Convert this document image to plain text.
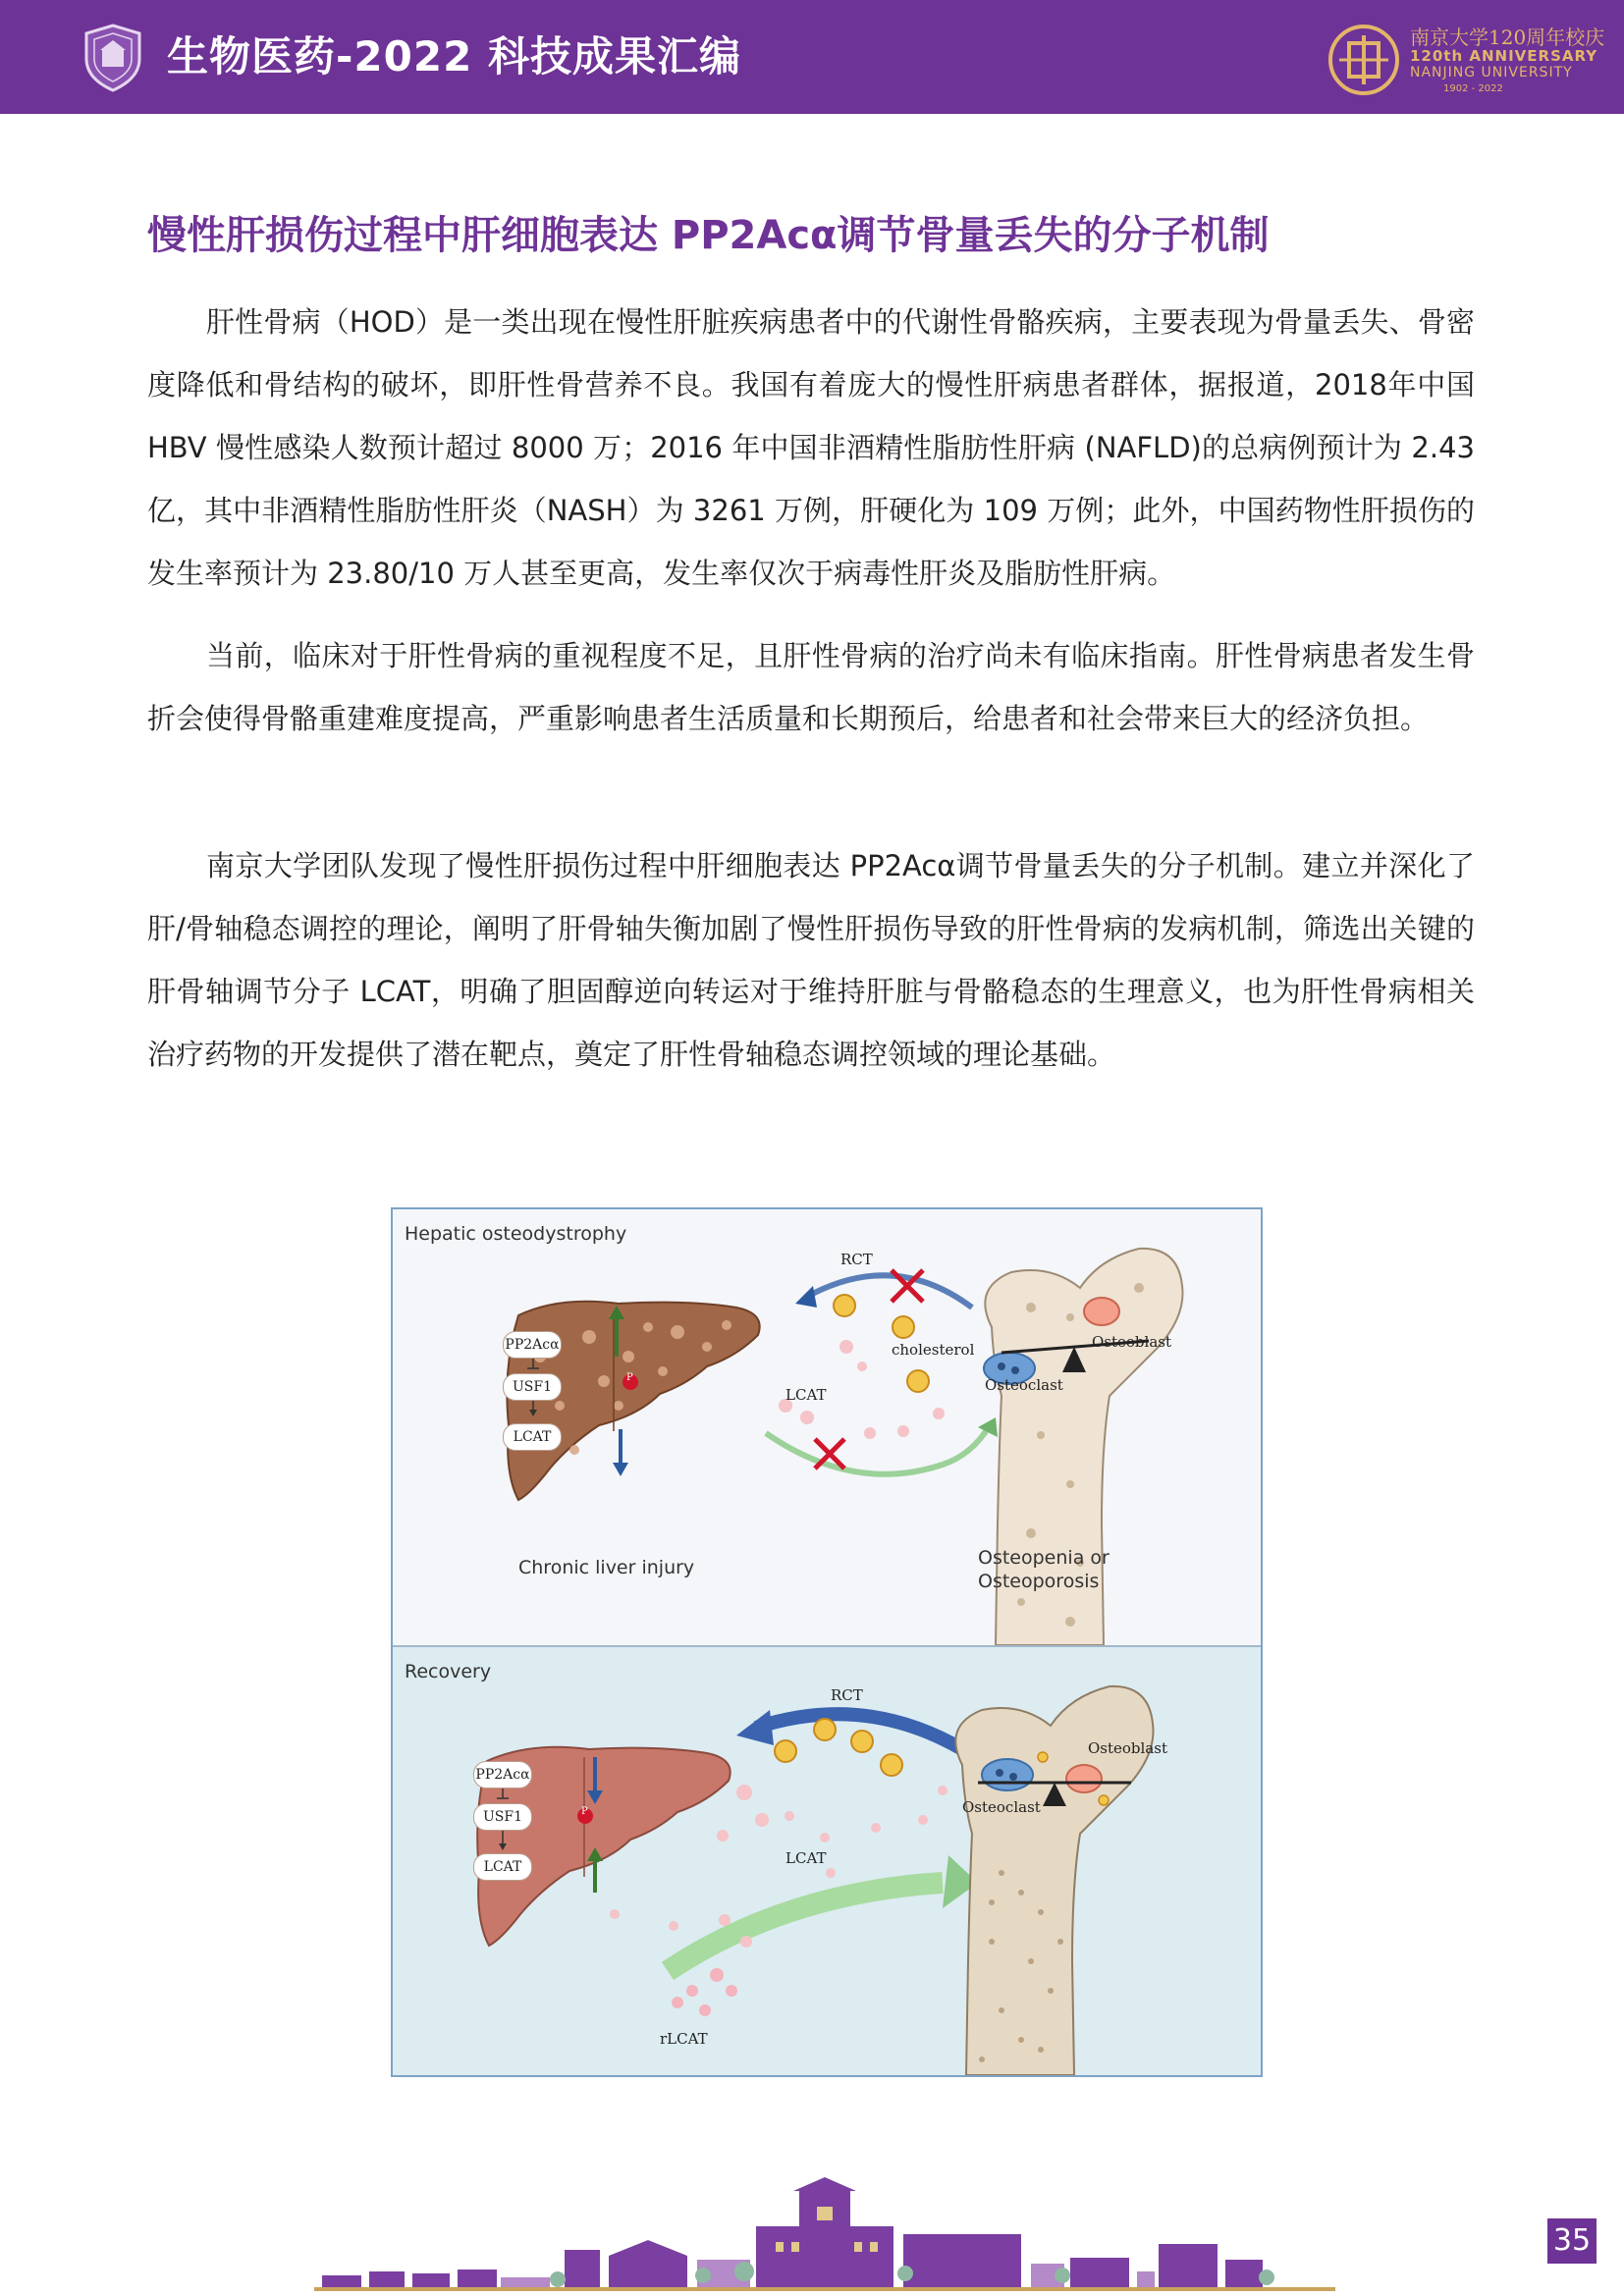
生物医药-2022 科技成果汇编	南京大学120周年校庆
120th ANNIVERSARY
NANJING UNIVERSITY
1902 - 2022
慢性肝损伤过程中肝细胞表达 PP2Acα调节骨量丢失的分子机制

肝性骨病（HOD）是一类出现在慢性肝脏疾病患者中的代谢性骨骼疾病，主要表现为骨量丢失、骨密度降低和骨结构的破坏，即肝性骨营养不良。我国有着庞大的慢性肝病患者群体，据报道，2018年中国 HBV 慢性感染人数预计超过 8000 万；2016 年中国非酒精性脂肪性肝病 (NAFLD)的总病例预计为 2.43 亿，其中非酒精性脂肪性肝炎（NASH）为 3261 万例，肝硬化为 109 万例；此外，中国药物性肝损伤的发生率预计为 23.80/10 万人甚至更高，发生率仅次于病毒性肝炎及脂肪性肝病。

当前，临床对于肝性骨病的重视程度不足，且肝性骨病的治疗尚未有临床指南。肝性骨病患者发生骨折会使得骨骼重建难度提高，严重影响患者生活质量和长期预后，给患者和社会带来巨大的经济负担。

南京大学团队发现了慢性肝损伤过程中肝细胞表达 PP2Acα调节骨量丢失的分子机制。建立并深化了肝/骨轴稳态调控的理论，阐明了肝骨轴失衡加剧了慢性肝损伤导致的肝性骨病的发病机制，筛选出关键的肝骨轴调节分子 LCAT，明确了胆固醇逆向转运对于维持肝脏与骨骼稳态的生理意义，也为肝性骨病相关治疗药物的开发提供了潜在靶点，奠定了肝性骨轴稳态调控领域的理论基础。

Hepatic osteodystrophy
PP2Acα
USF1
LCAT
P
RCT
cholesterol
LCAT
Osteoblast
Osteoclast
Chronic liver injury	Osteopenia or
Osteoporosis
Recovery
PP2Acα
USF1
LCAT
P
RCT
LCAT
Osteoblast
Osteoclast
rLCAT
35
